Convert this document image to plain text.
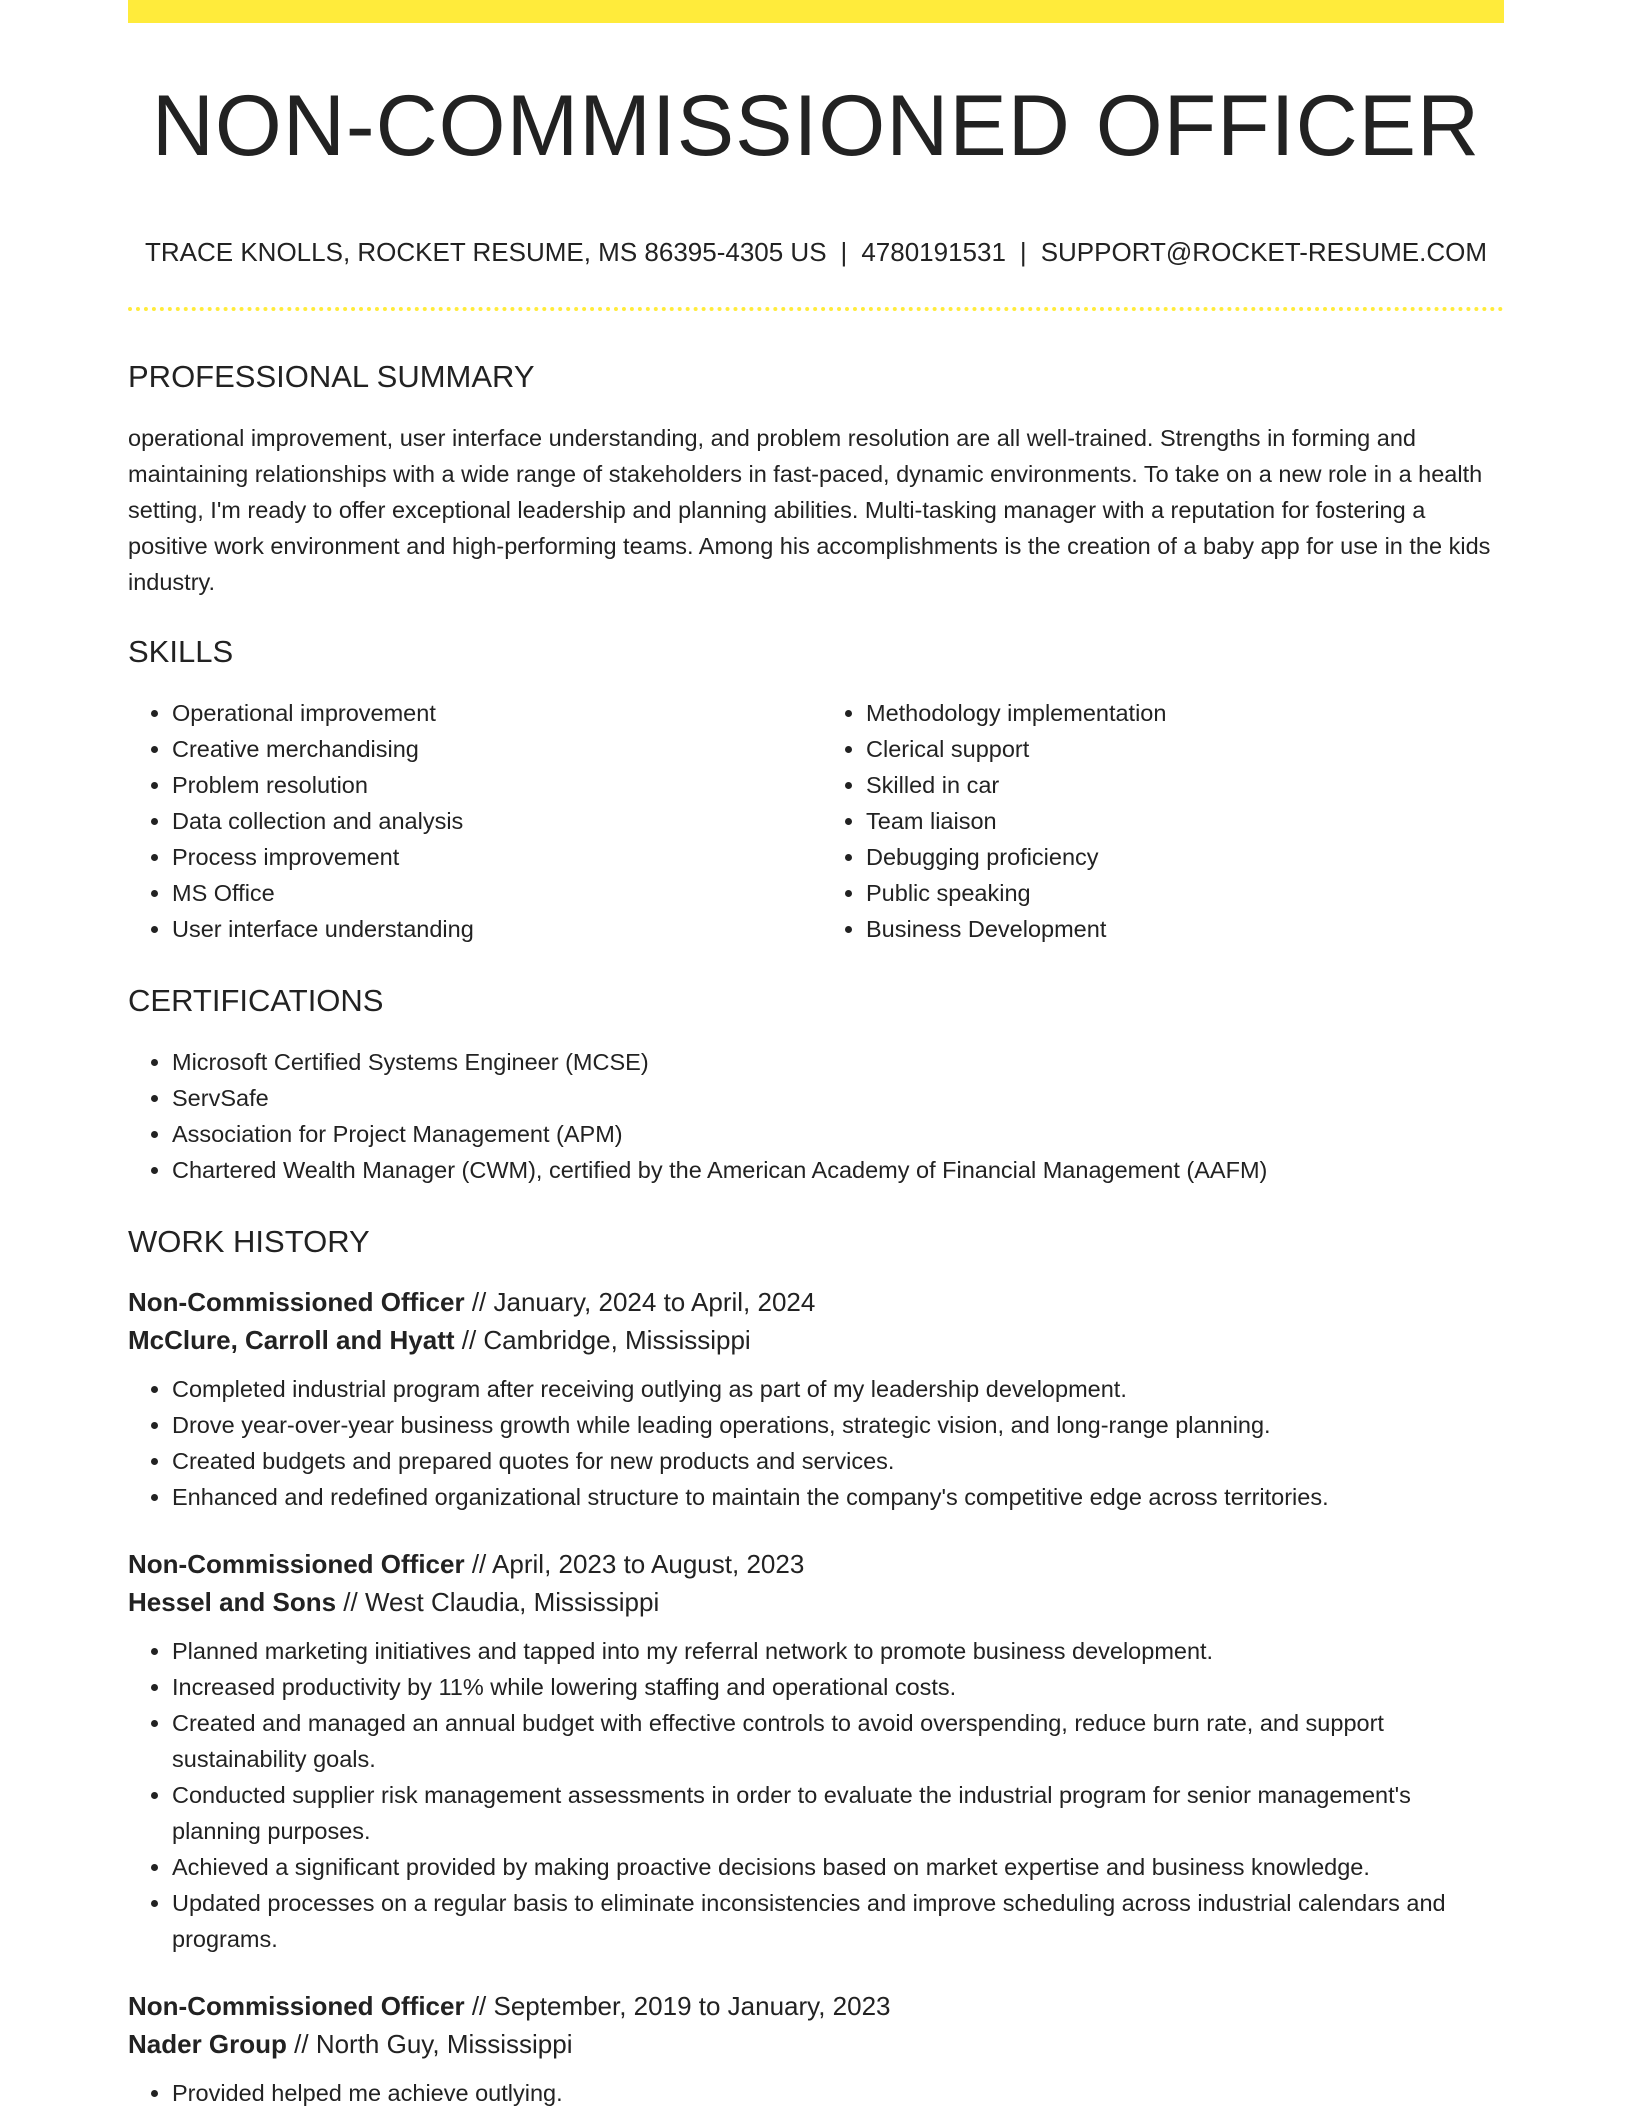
NON-COMMISSIONED OFFICER
TRACE KNOLLS, ROCKET RESUME, MS 86395-4305 US | 4780191531 | SUPPORT@ROCKET-RESUME.COM
PROFESSIONAL SUMMARY
operational improvement, user interface understanding, and problem resolution are all well-trained. Strengths in forming and maintaining relationships with a wide range of stakeholders in fast-paced, dynamic environments. To take on a new role in a health setting, I'm ready to offer exceptional leadership and planning abilities. Multi-tasking manager with a reputation for fostering a positive work environment and high-performing teams. Among his accomplishments is the creation of a baby app for use in the kids industry.
SKILLS
• Operational improvement
• Creative merchandising
• Problem resolution
• Data collection and analysis
• Process improvement
• MS Office
• User interface understanding
• Methodology implementation
• Clerical support
• Skilled in car
• Team liaison
• Debugging proficiency
• Public speaking
• Business Development
CERTIFICATIONS
• Microsoft Certified Systems Engineer (MCSE)
• ServSafe
• Association for Project Management (APM)
• Chartered Wealth Manager (CWM), certified by the American Academy of Financial Management (AAFM)
WORK HISTORY
Non-Commissioned Officer // January, 2024 to April, 2024
McClure, Carroll and Hyatt // Cambridge, Mississippi
• Completed industrial program after receiving outlying as part of my leadership development.
• Drove year-over-year business growth while leading operations, strategic vision, and long-range planning.
• Created budgets and prepared quotes for new products and services.
• Enhanced and redefined organizational structure to maintain the company's competitive edge across territories.
Non-Commissioned Officer // April, 2023 to August, 2023
Hessel and Sons // West Claudia, Mississippi
• Planned marketing initiatives and tapped into my referral network to promote business development.
• Increased productivity by 11% while lowering staffing and operational costs.
• Created and managed an annual budget with effective controls to avoid overspending, reduce burn rate, and support sustainability goals.
• Conducted supplier risk management assessments in order to evaluate the industrial program for senior management's planning purposes.
• Achieved a significant provided by making proactive decisions based on market expertise and business knowledge.
• Updated processes on a regular basis to eliminate inconsistencies and improve scheduling across industrial calendars and programs.
Non-Commissioned Officer // September, 2019 to January, 2023
Nader Group // North Guy, Mississippi
• Provided helped me achieve outlying.
